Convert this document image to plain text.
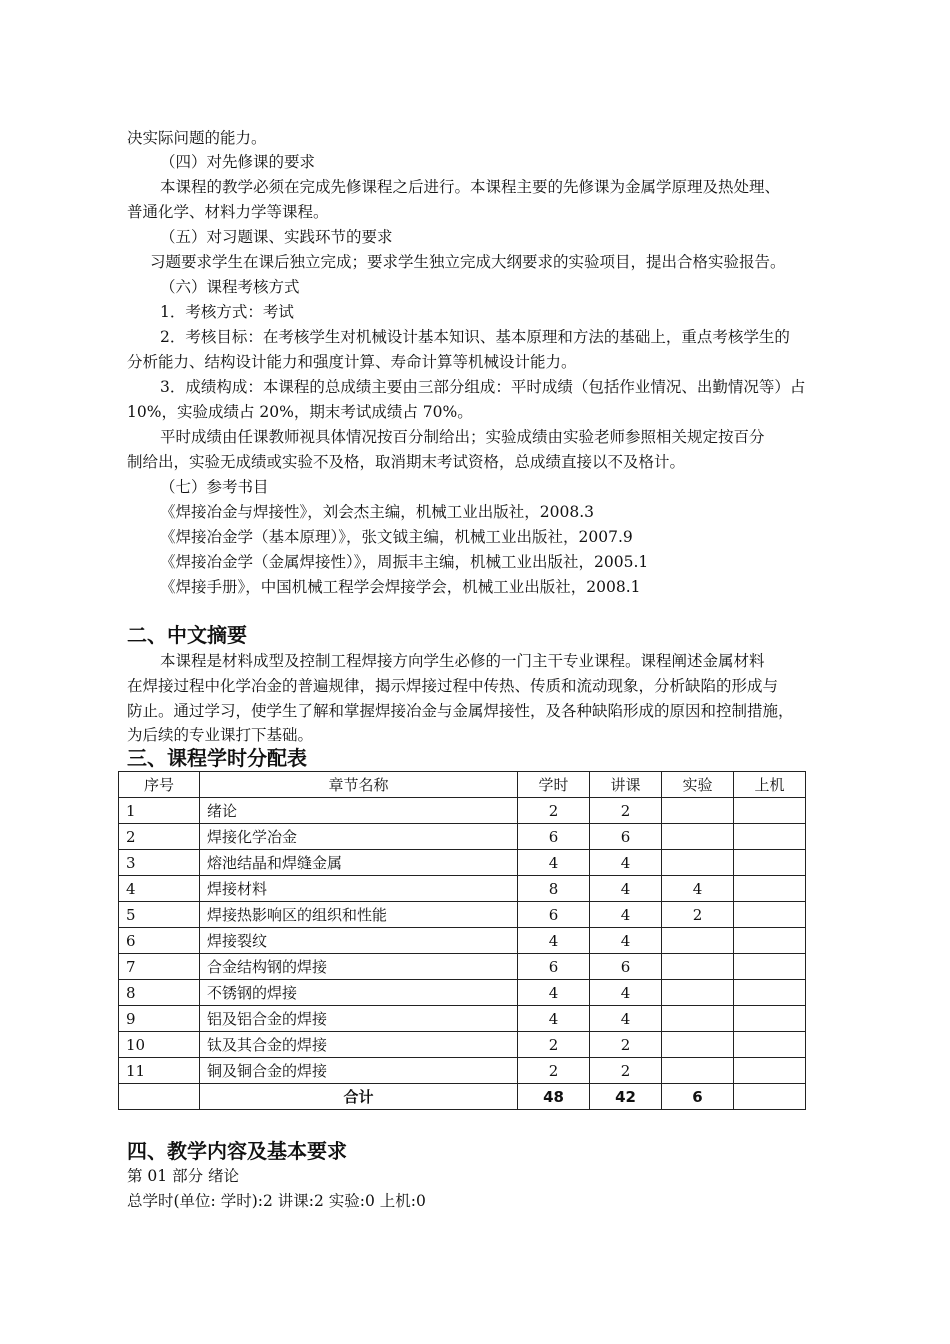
决实际问题的能力。
（四）对先修课的要求
本课程的教学必须在完成先修课程之后进行。本课程主要的先修课为金属学原理及热处理、
普通化学、材料力学等课程。
（五）对习题课、实践环节的要求
习题要求学生在课后独立完成；要求学生独立完成大纲要求的实验项目，提出合格实验报告。
（六）课程考核方式
1．考核方式：考试
2．考核目标：在考核学生对机械设计基本知识、基本原理和方法的基础上，重点考核学生的
分析能力、结构设计能力和强度计算、寿命计算等机械设计能力。
3．成绩构成：本课程的总成绩主要由三部分组成：平时成绩（包括作业情况、出勤情况等）占
10%，实验成绩占 20%，期末考试成绩占 70%。
平时成绩由任课教师视具体情况按百分制给出；实验成绩由实验老师参照相关规定按百分
制给出，实验无成绩或实验不及格，取消期末考试资格，总成绩直接以不及格计。
（七）参考书目
《焊接冶金与焊接性》，刘会杰主编，机械工业出版社，2008.3
《焊接冶金学（基本原理）》，张文钺主编，机械工业出版社，2007.9
《焊接冶金学（金属焊接性）》，周振丰主编，机械工业出版社，2005.1
《焊接手册》，中国机械工程学会焊接学会，机械工业出版社，2008.1
二、中文摘要
本课程是材料成型及控制工程焊接方向学生必修的一门主干专业课程。课程阐述金属材料
在焊接过程中化学冶金的普遍规律，揭示焊接过程中传热、传质和流动现象，分析缺陷的形成与
防止。通过学习，使学生了解和掌握焊接冶金与金属焊接性，及各种缺陷形成的原因和控制措施，
为后续的专业课打下基础。
三、课程学时分配表
序号	章节名称	学时	讲课	实验	上机
1	绪论	2	2		
2	焊接化学冶金	6	6		
3	熔池结晶和焊缝金属	4	4		
4	焊接材料	8	4	4	
5	焊接热影响区的组织和性能	6	4	2	
6	焊接裂纹	4	4		
7	合金结构钢的焊接	6	6		
8	不锈钢的焊接	4	4		
9	铝及铝合金的焊接	4	4		
10	钛及其合金的焊接	2	2		
11	铜及铜合金的焊接	2	2		
	合计	48	42	6	
四、教学内容及基本要求
第 01 部分 绪论
总学时(单位: 学时):2 讲课:2 实验:0 上机:0
